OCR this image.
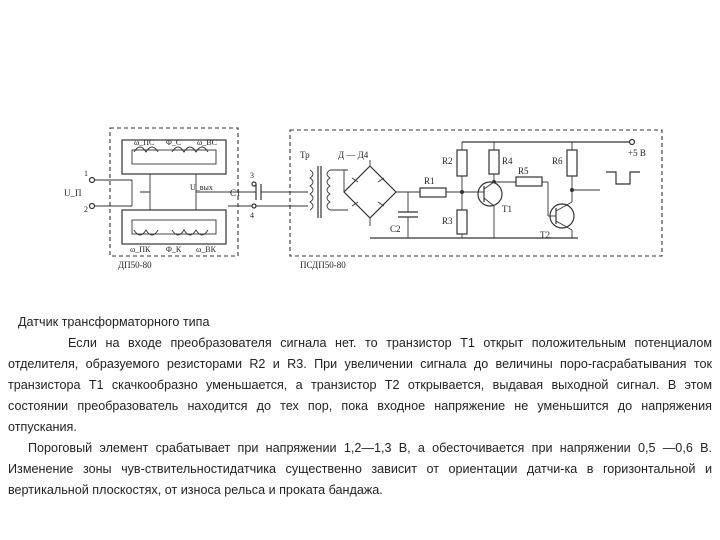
ДП50-80
ω_ПС Φ_С ω_ВС
ω_ПК Φ_К ω_ВК
U_вых
1
2
U_П	C1
3
4
ПСДП50-80
Тр	Д — Д4
C2
R1
R2
R3
+5 В
R4
T1
R5
R6
T2

Датчик трансформаторного типа

Если на входе преобразователя сигнала нет. то транзистор Т1 открыт положительным потенциалом отделителя, образуемого резисторами R2 и R3. При увеличении сигнала до величины поро-гасрабатывания ток транзистора Т1 скачкообразно уменьшается, а транзистор Т2 открывается, выдавая выходной сигнал. В этом состоянии преобразователь находится до тех пор, пока входное напряжение не уменьшится до напряжения отпускания.

Пороговый элемент срабатывает при напряжении 1,2—1,3 В, а обесточивается при напряжении 0,5 —0,6 В. Изменение зоны чув-ствительностидатчика существенно зависит от ориентации датчи-ка в горизонтальной и вертикальной плоскостях, от износа рельса и проката бандажа.
